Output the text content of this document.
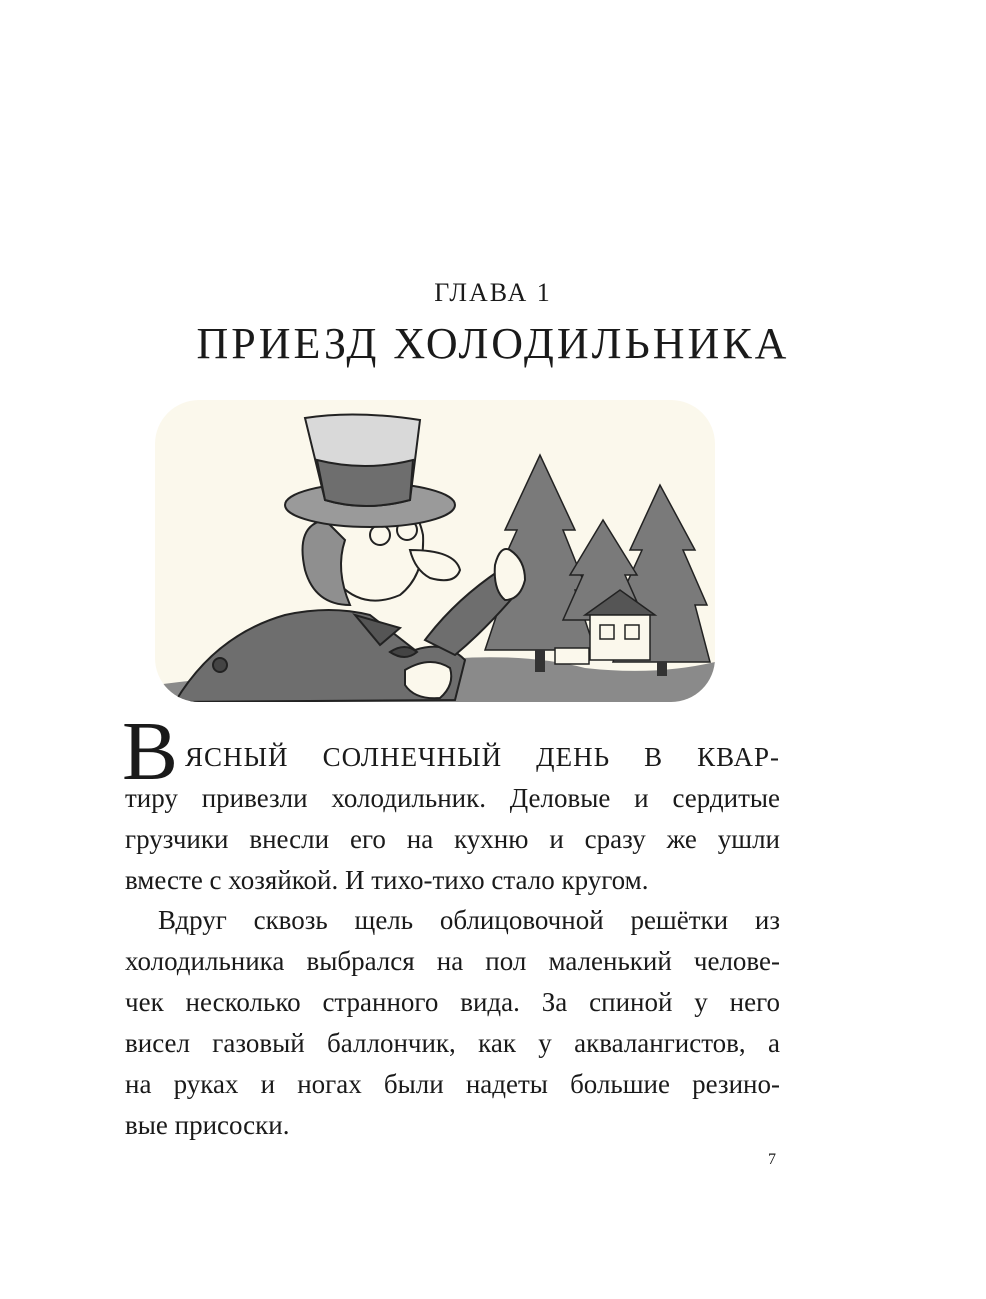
ГЛАВА 1
ПРИЕЗД ХОЛОДИЛЬНИКА
В ЯСНЫЙ СОЛНЕЧНЫЙ ДЕНЬ В КВАР-
тиру привезли холодильник. Деловые и сердитые
грузчики внесли его на кухню и сразу же ушли
вместе с хозяйкой. И тихо-тихо стало кругом.
Вдруг сквозь щель облицовочной решётки из
холодильника выбрался на пол маленький челове-
чек несколько странного вида. За спиной у него
висел газовый баллончик, как у аквалангистов, а
на руках и ногах были надеты большие резино-
вые присоски.
7
